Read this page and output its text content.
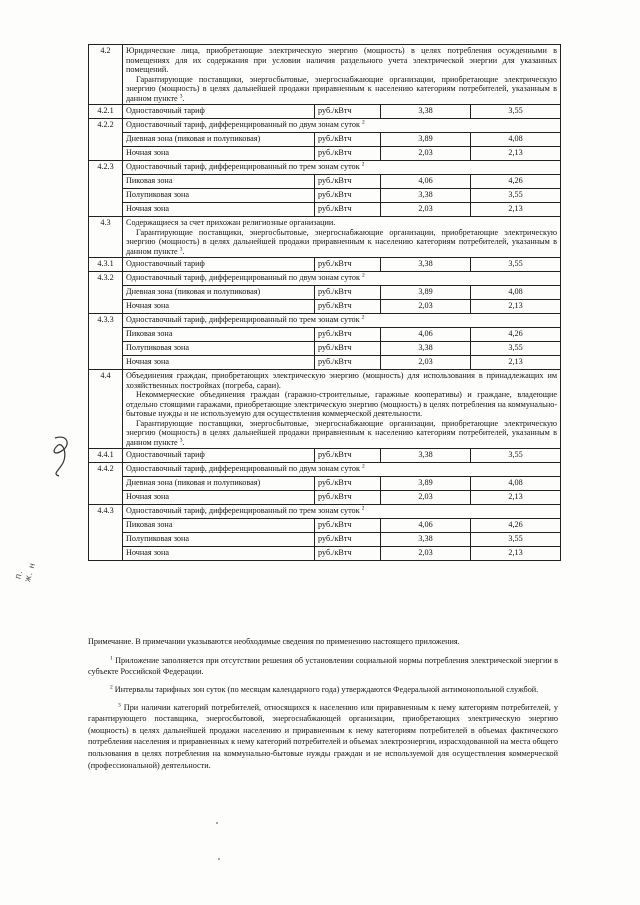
4.2	Юридические лица, приобретающие электрическую энергию (мощность) в целях потребления осужденными в помещениях для их содержания при условии наличия раздельного учета электрической энергии для указанных помещений.

Гарантирующие поставщики, энергосбытовые, энергоснабжающие организации, приобретающие электрическую энергию (мощность) в целях дальнейшей продажи приравненным к населению категориям потребителей, указанным в данном пункте $^3$.			

4.2.1	Одноставочный тариф	руб./кВтч	3,38	3,55
4.2.2	Одноставочный тариф, дифференцированный по двум зонам суток $^2$
	Дневная зона (пиковая и полупиковая)	руб./кВтч	3,89	4,08
	Ночная зона	руб./кВтч	2,03	2,13
4.2.3	Одноставочный тариф, дифференцированный по трем зонам суток $^2$
	Пиковая зона	руб./кВтч	4,06	4,26
	Полупиковая зона	руб./кВтч	3,38	3,55
	Ночная зона	руб./кВтч	2,03	2,13
4.3	Содержащиеся за счет прихожан религиозные организации.

Гарантирующие поставщики, энергосбытовые, энергоснабжающие организации, приобретающие электрическую энергию (мощность) в целях дальнейшей продажи приравненным к населению категориям потребителей, указанным в данном пункте $^3$.			

4.3.1	Одноставочный тариф	руб./кВтч	3,38	3,55
4.3.2	Одноставочный тариф, дифференцированный по двум зонам суток $^2$
	Дневная зона (пиковая и полупиковая)	руб./кВтч	3,89	4,08
	Ночная зона	руб./кВтч	2,03	2,13
4.3.3	Одноставочный тариф, дифференцированный по трем зонам суток $^2$
	Пиковая зона	руб./кВтч	4,06	4,26
	Полупиковая зона	руб./кВтч	3,38	3,55
	Ночная зона	руб./кВтч	2,03	2,13
4.4	Объединения граждан, приобретающих электрическую энергию (мощность) для использования в принадлежащих им хозяйственных постройках (погреба, сараи).

Некоммерческие объединения граждан (гаражно-строительные, гаражные кооперативы) и граждане, владеющие отдельно стоящими гаражами, приобретающие электрическую энергию (мощность) в целях потребления на коммунально-бытовые нужды и не используемую для осуществления коммерческой деятельности.

Гарантирующие поставщики, энергосбытовые, энергоснабжающие организации, приобретающие электрическую энергию (мощность) в целях дальнейшей продажи приравненным к населению категориям потребителей, указанным в данном пункте $^3$.			

4.4.1	Одноставочный тариф	руб./кВтч	3,38	3,55
4.4.2	Одноставочный тариф, дифференцированный по двум зонам суток $^2$
	Дневная зона (пиковая и полупиковая)	руб./кВтч	3,89	4,08
	Ночная зона	руб./кВтч	2,03	2,13
4.4.3	Одноставочный тариф, дифференцированный по трем зонам суток $^2$
	Пиковая зона	руб./кВтч	4,06	4,26
	Полупиковая зона	руб./кВтч	3,38	3,55
	Ночная зона	руб./кВтч	2,03	2,13

Примечание. В примечании указываются необходимые сведения по применению настоящего приложения.

$^1$ Приложение заполняется при отсутствии решения об установлении социальной нормы потребления электрической энергии в субъекте Российской Федерации.

$^2$ Интервалы тарифных зон суток (по месяцам календарного года) утверждаются Федеральной антимонопольной службой.

$^3$ При наличии категорий потребителей, относящихся к населению или приравненным к нему категориям потребителей, у гарантирующего поставщика, энергосбытовой, энергоснабжающей организации, приобретающих электрическую энергию (мощность) в целях дальнейшей продажи населению и приравненным к нему категориям потребителей в объемах фактического потребления населения и приравненных к нему категорий потребителей и объемах электроэнергии, израсходованной на места общего пользования в целях потребления на коммунально-бытовые нужды граждан и не используемой для осуществления коммерческой (профессиональной) деятельности.

п.
ж. н
